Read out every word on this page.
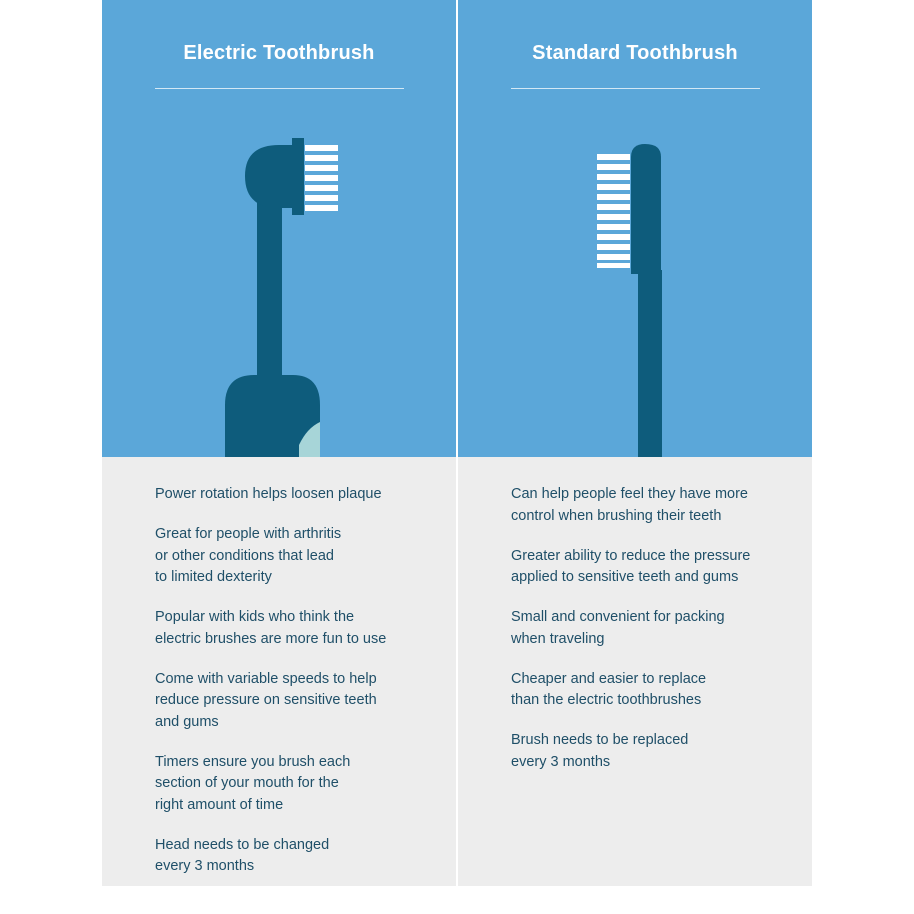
Electric Toothbrush
Power rotation helps loosen plaque
Great for people with arthritis
or other conditions that lead
to limited dexterity
Popular with kids who think the
electric brushes are more fun to use
Come with variable speeds to help
reduce pressure on sensitive teeth
and gums
Timers ensure you brush each
section of your mouth for the
right amount of time
Head needs to be changed
every 3 months
Standard Toothbrush
Can help people feel they have more
control when brushing their teeth
Greater ability to reduce the pressure
applied to sensitive teeth and gums
Small and convenient for packing
when traveling
Cheaper and easier to replace
than the electric toothbrushes
Brush needs to be replaced
every 3 months
